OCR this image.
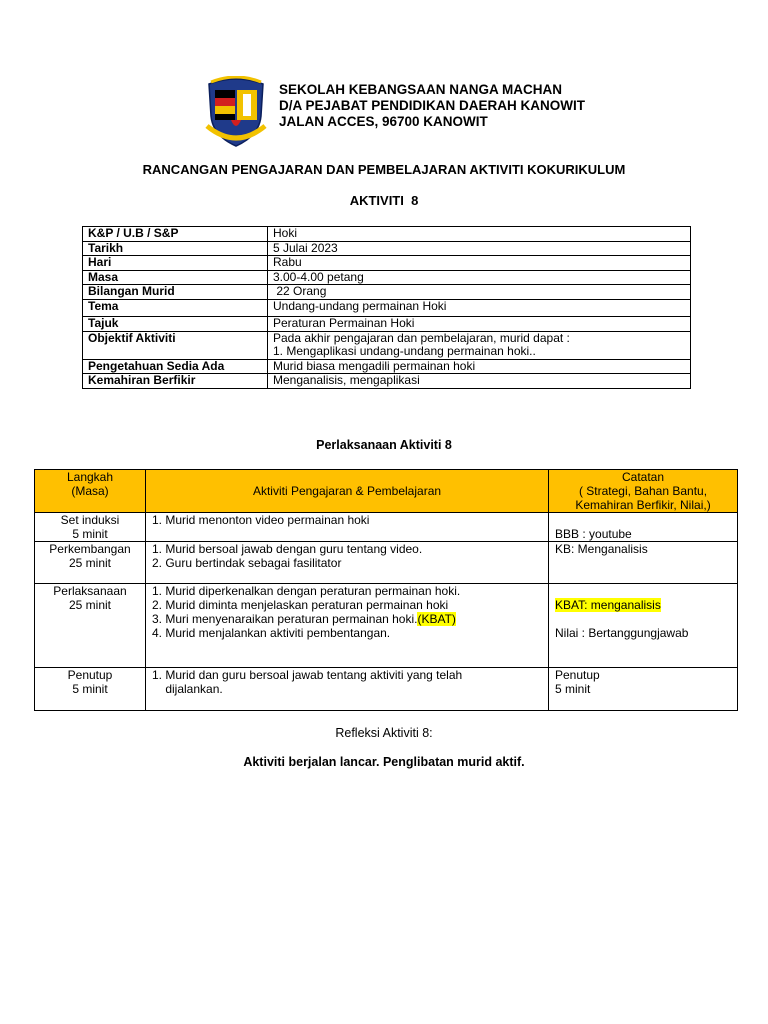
SEKOLAH KEBANGSAAN NANGA MACHAN
D/A PEJABAT PENDIDIKAN DAERAH KANOWIT
JALAN ACCES, 96700 KANOWIT
RANCANGAN PENGAJARAN DAN PEMBELAJARAN AKTIVITI KOKURIKULUM
AKTIVITI  8
K&P / U.B / S&P	Hoki
Tarikh	5 Julai 2023
Hari	Rabu
Masa	3.00-4.00 petang
Bilangan Murid	22 Orang
Tema	Undang-undang permainan Hoki
Tajuk	Peraturan Permainan Hoki
Objektif Aktiviti	Pada akhir pengajaran dan pembelajaran, murid dapat :
1. Mengaplikasi undang-undang permainan hoki..

Pengetahuan Sedia Ada	Murid biasa mengadili permainan hoki
Kemahiran Berfikir	Menganalisis, mengaplikasi
Perlaksanaan Aktiviti 8
Langkah
(Masa)	Aktiviti Pengajaran & Pembelajaran	Catatan
( Strategi, Bahan Bantu,
Kemahiran Berfikir, Nilai,)

Set induksi
5 minit	1. Murid menonton video permainan hoki	BBB : youtube

Perkembangan
25 minit	1. Murid bersoal jawab dengan guru tentang video.
2. Guru bertindak sebagai fasilitator	KB: Menganalisis

Perlaksanaan
25 minit	1. Murid diperkenalkan dengan peraturan permainan hoki.
2. Murid diminta menjelaskan peraturan permainan hoki
3. Muri menyenaraikan peraturan permainan hoki.(KBAT)
4. Murid menjalankan aktiviti pembentangan.	KBAT: menganalisis
Nilai : Bertanggungjawab

Penutup
5 minit	1. Murid dan guru bersoal jawab tentang aktiviti yang telah
dijalankan.	Penutup
5 minit
Refleksi Aktiviti 8:
Aktiviti berjalan lancar. Penglibatan murid aktif.
